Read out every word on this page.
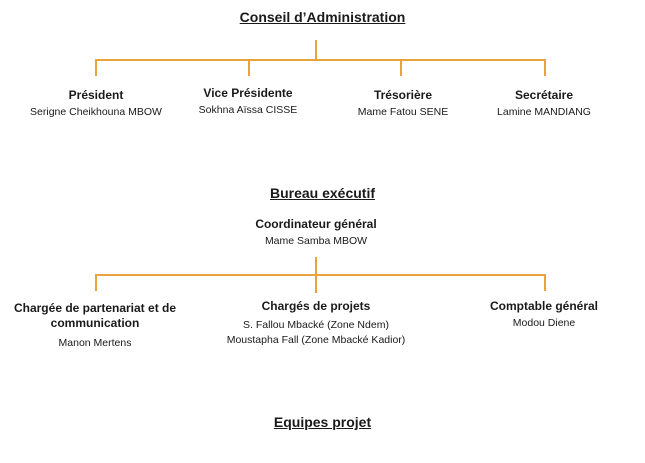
Conseil d’Administration
Président
Serigne Cheikhouna MBOW
Vice Présidente
Sokhna Aïssa CISSE
Trésorière
Mame Fatou SENE
Secrétaire
Lamine MANDIANG
Bureau exécutif
Coordinateur général
Mame Samba MBOW
Chargée de partenariat et de communication
Manon Mertens
Chargés de projets
S. Fallou Mbacké (Zone Ndem)
Moustapha Fall (Zone Mbacké Kadior)
Comptable général
Modou Diene
Equipes projet
